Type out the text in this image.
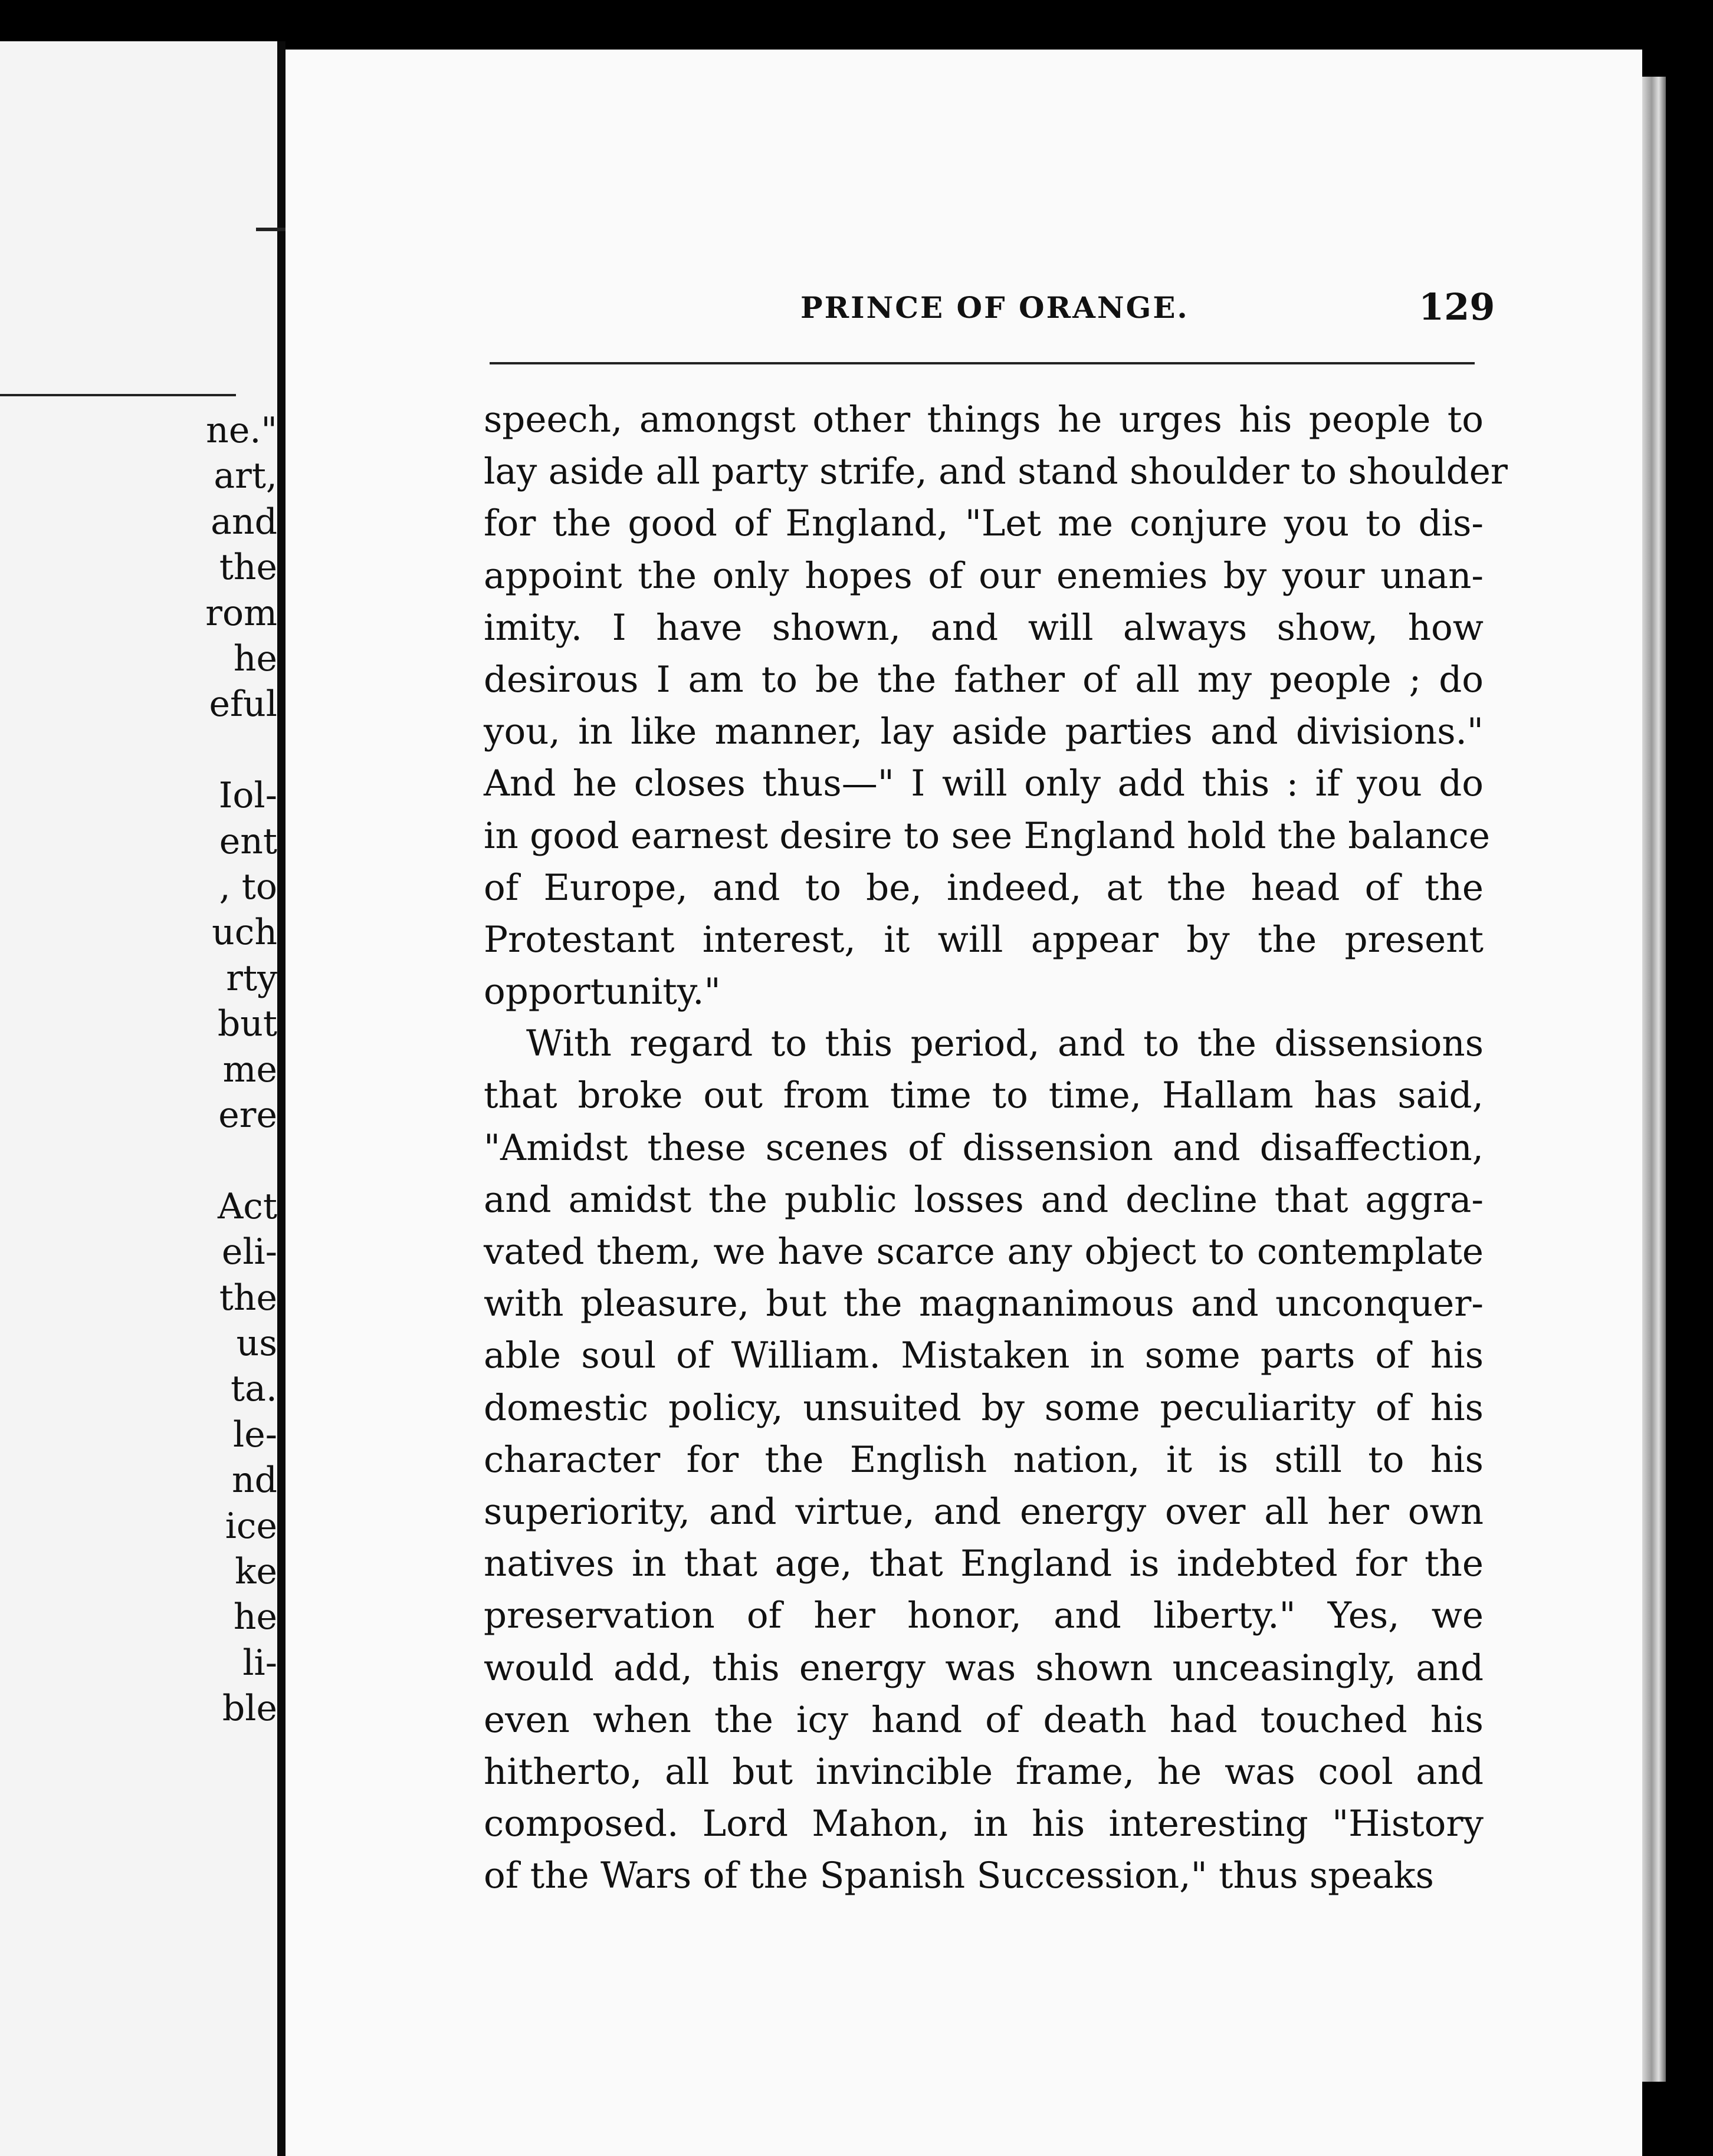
ne."
art,
and
the
rom
he
eful
Iol-
ent
, to
uch
rty
but
me
ere
Act
eli-
the
us
ta.
le-
nd
ice
ke
he
li-
ble
PRINCE OF ORANGE.	129
speech, amongst other things he urges his people to
lay aside all party strife, and stand shoulder to shoulder
for the good of England, "Let me conjure you to dis-
appoint the only hopes of our enemies by your unan-
imity. I have shown, and will always show, how
desirous I am to be the father of all my people ; do
you, in like manner, lay aside parties and divisions."
And he closes thus—" I will only add this : if you do
in good earnest desire to see England hold the balance
of Europe, and to be, indeed, at the head of the
Protestant interest, it will appear by the present
opportunity."
With regard to this period, and to the dissensions
that broke out from time to time, Hallam has said,
"Amidst these scenes of dissension and disaffection,
and amidst the public losses and decline that aggra-
vated them, we have scarce any object to contemplate
with pleasure, but the magnanimous and unconquer-
able soul of William. Mistaken in some parts of his
domestic policy, unsuited by some peculiarity of his
character for the English nation, it is still to his
superiority, and virtue, and energy over all her own
natives in that age, that England is indebted for the
preservation of her honor, and liberty." Yes, we
would add, this energy was shown unceasingly, and
even when the icy hand of death had touched his
hitherto, all but invincible frame, he was cool and
composed. Lord Mahon, in his interesting "History
of the Wars of the Spanish Succession," thus speaks
